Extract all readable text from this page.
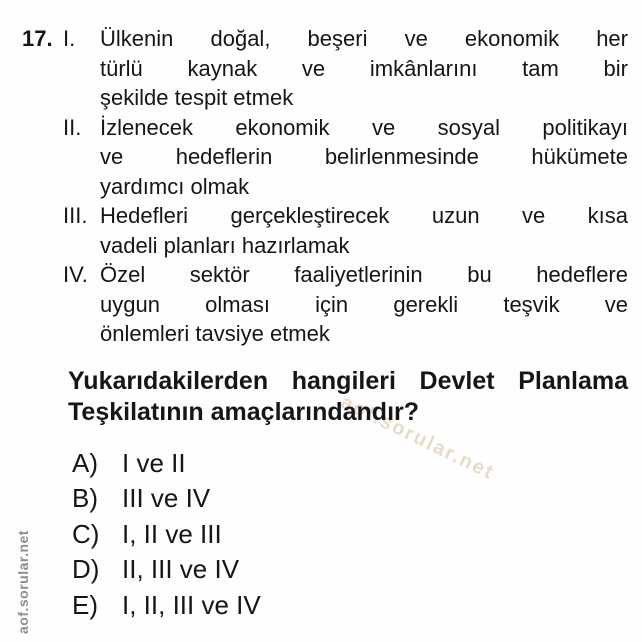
aof.sorular.net
aof.sorular.net
17. I.	Ülkenin doğal, beşeri ve ekonomik her
türlü kaynak ve imkânlarını tam bir
şekilde tespit etmek
II. İzlenecek ekonomik ve sosyal politikayı
ve hedeflerin belirlenmesinde hükümete
yardımcı olmak
III. Hedefleri gerçekleştirecek uzun ve kısa
vadeli planları hazırlamak
IV. Özel sektör faaliyetlerinin bu hedeflere
uygun olması için gerekli teşvik ve
önlemleri tavsiye etmek
Yukarıdakilerden hangileri Devlet Planlama
Teşkilatının amaçlarındandır?
A) I ve II
B) III ve IV
C) I, II ve III
D) II, III ve IV
E) I, II, III ve IV
